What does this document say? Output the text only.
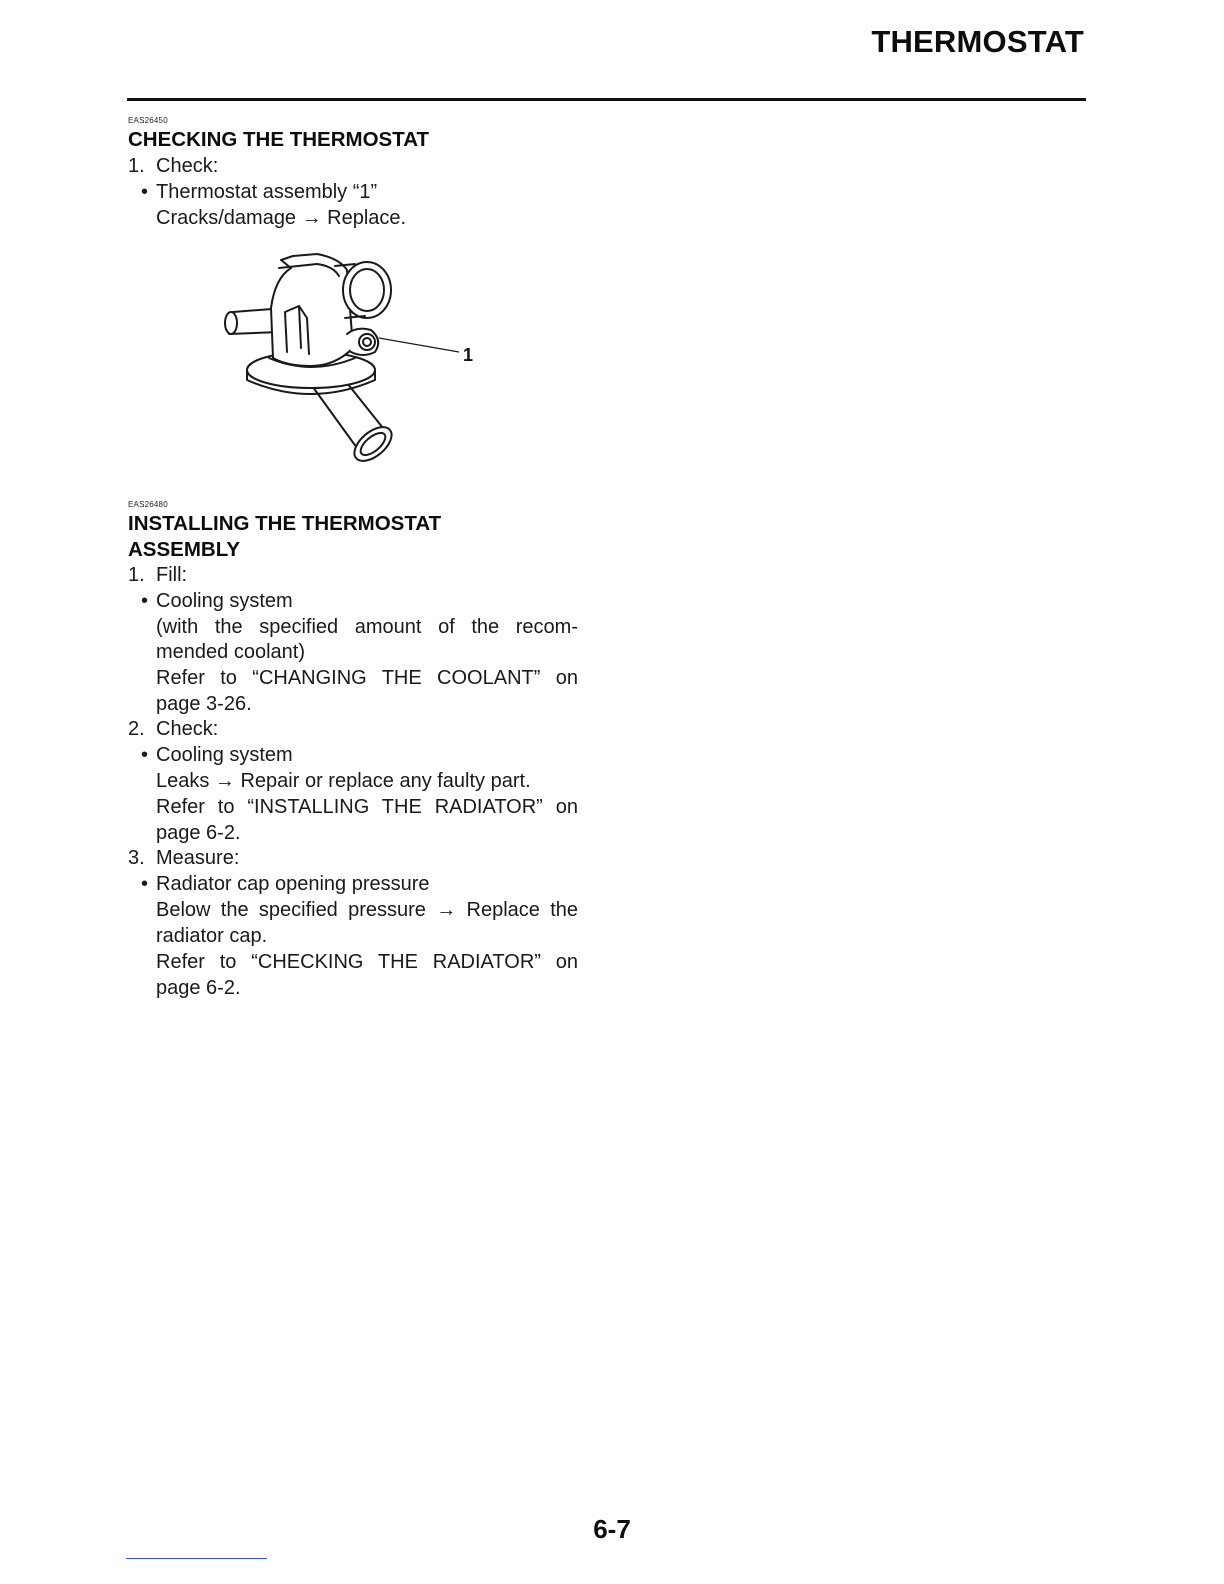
THERMOSTAT
EAS26450
CHECKING THE THERMOSTAT
1. Check:
• Thermostat assembly “1”
Cracks/damage → Replace.
1
EAS26480
INSTALLING THE THERMOSTAT
ASSEMBLY
1. Fill:
• Cooling system
(with the specified amount of the recom-
mended coolant)
Refer to “CHANGING THE COOLANT” on
page 3-26.
2. Check:
• Cooling system
Leaks → Repair or replace any faulty part.
Refer to “INSTALLING THE RADIATOR” on
page 6-2.
3. Measure:
• Radiator cap opening pressure
Below the specified pressure → Replace the
radiator cap.
Refer to “CHECKING THE RADIATOR” on
page 6-2.
6-7
